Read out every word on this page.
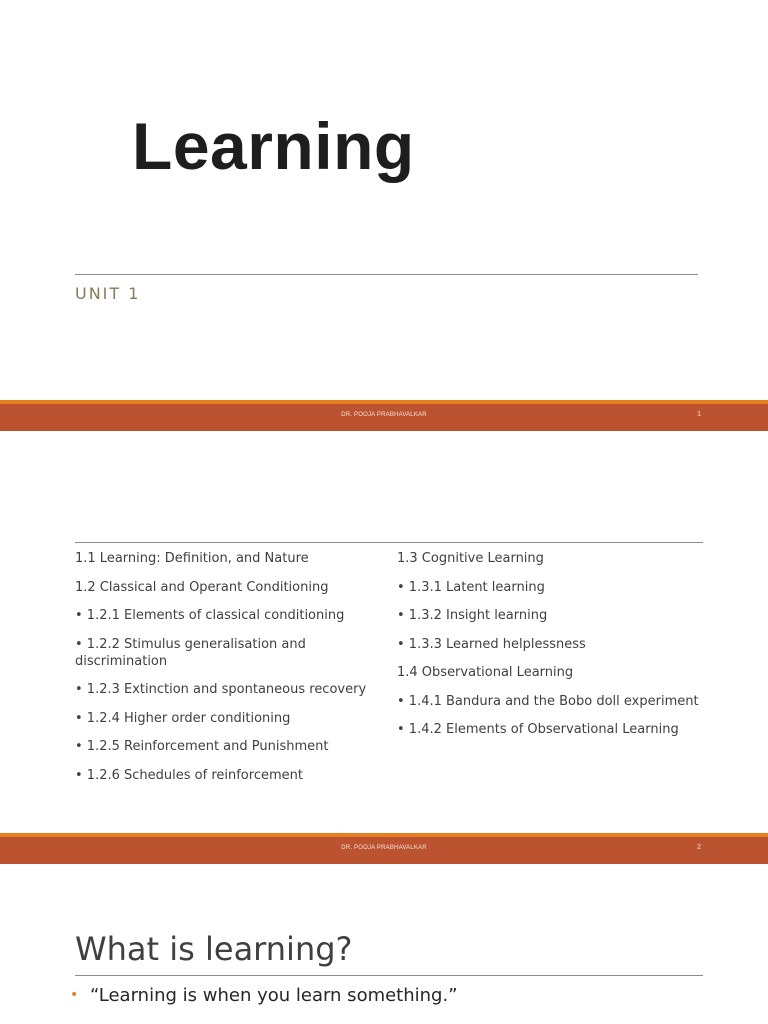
Learning
UNIT 1
DR. POOJA PRABHAVALKAR	1
1.1 Learning: Definition, and Nature
1.2 Classical and Operant Conditioning
• 1.2.1 Elements of classical conditioning
• 1.2.2 Stimulus generalisation and discrimination
• 1.2.3 Extinction and spontaneous recovery
• 1.2.4 Higher order conditioning
• 1.2.5 Reinforcement and Punishment
• 1.2.6 Schedules of reinforcement
1.3 Cognitive Learning
• 1.3.1 Latent learning
• 1.3.2 Insight learning
• 1.3.3 Learned helplessness
1.4 Observational Learning
• 1.4.1 Bandura and the Bobo doll experiment
• 1.4.2 Elements of Observational Learning
DR. POOJA PRABHAVALKAR	2
What is learning?
• “Learning is when you learn something.”
